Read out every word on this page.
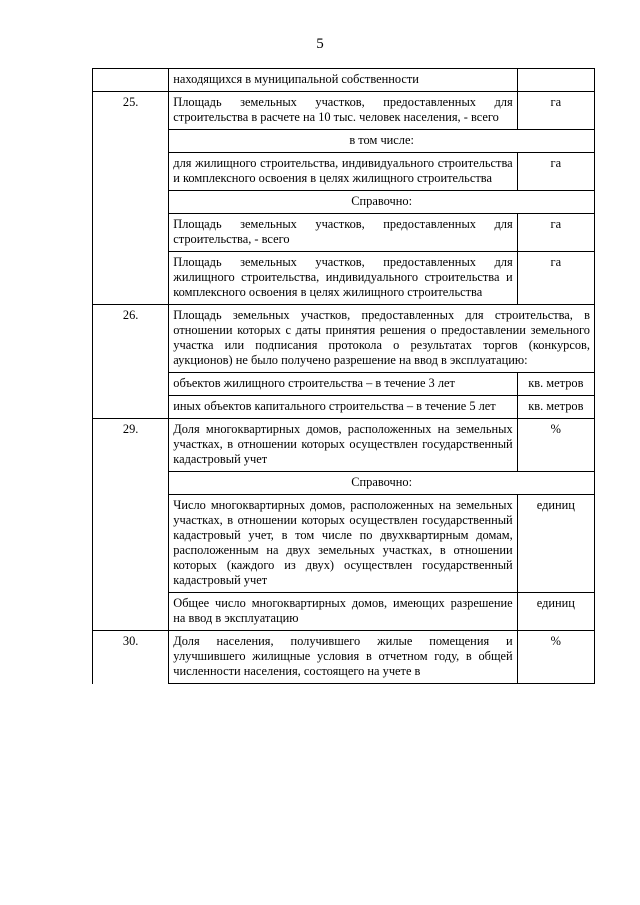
5
	находящихся в муниципальной собственности	
25.	Площадь земельных участков, предоставленных для строительства в расчете на 10 тыс. человек населения, - всего	га
	в том числе:	
	для жилищного строительства, индивидуального строительства и комплексного освоения в целях жилищного строительства	га
	Справочно:	
	Площадь земельных участков, предоставленных для строительства, - всего	га
	Площадь земельных участков, предоставленных для жилищного строительства, индивидуального строительства и комплексного освоения в целях жилищного строительства	га
26.	Площадь земельных участков, предоставленных для строительства, в отношении которых с даты принятия решения о предоставлении земельного участка или подписания протокола о результатах торгов (конкурсов, аукционов) не было получено разрешение на ввод в эксплуатацию:	
	объектов жилищного строительства – в течение 3 лет	кв. метров
	иных объектов капитального строительства – в течение 5 лет	кв. метров
29.	Доля многоквартирных домов, расположенных на земельных участках, в отношении которых осуществлен государственный кадастровый учет	%
	Справочно:	
	Число многоквартирных домов, расположенных на земельных участках, в отношении которых осуществлен государственный кадастровый учет, в том числе по двухквартирным домам, расположенным на двух земельных участках, в отношении которых (каждого из двух) осуществлен государственный кадастровый учет	единиц
	Общее число многоквартирных домов, имеющих разрешение на ввод в эксплуатацию	единиц
30.	Доля населения, получившего жилые помещения и улучшившего жилищные условия в отчетном году, в общей численности населения, состоящего на учете в	%
